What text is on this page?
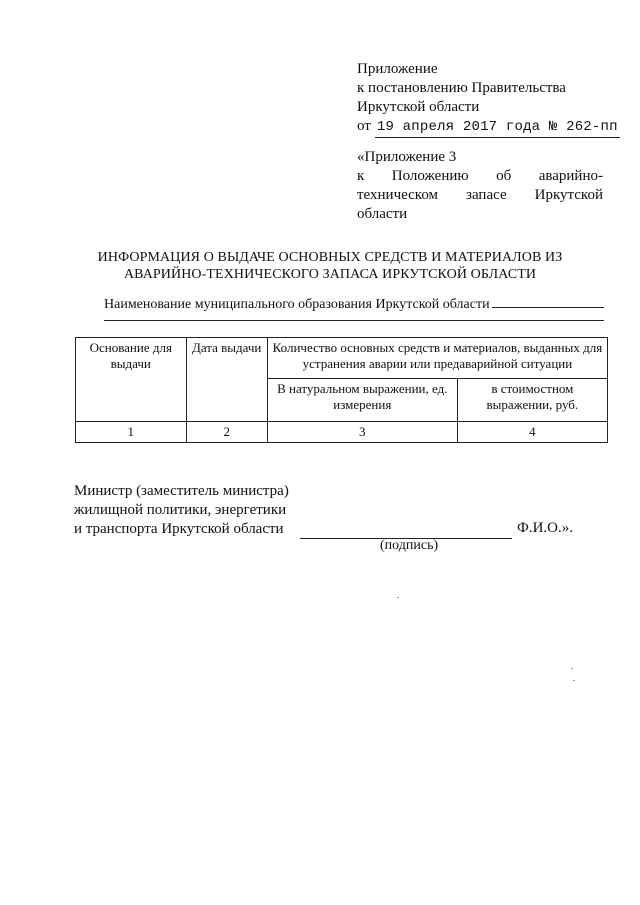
Приложение
к постановлению Правительства
Иркутской области
от 19 апреля 2017 года № 262-пп
«Приложение 3
к Положению об аварийно-
техническом запасе Иркутской
области
ИНФОРМАЦИЯ О ВЫДАЧЕ ОСНОВНЫХ СРЕДСТВ И МАТЕРИАЛОВ ИЗ
АВАРИЙНО-ТЕХНИЧЕСКОГО ЗАПАСА ИРКУТСКОЙ ОБЛАСТИ
Наименование муниципального образования Иркутской области
Основание для выдачи	Дата выдачи	Количество основных средств и материалов, выданных для устранения аварии или предаварийной ситуации	
		В натуральном выражении, ед. измерения	в стоимостном выражении, руб.
1	2	3	4
Министр (заместитель министра)
жилищной политики, энергетики
и транспорта Иркутской области	Ф.И.О.».
(подпись)
